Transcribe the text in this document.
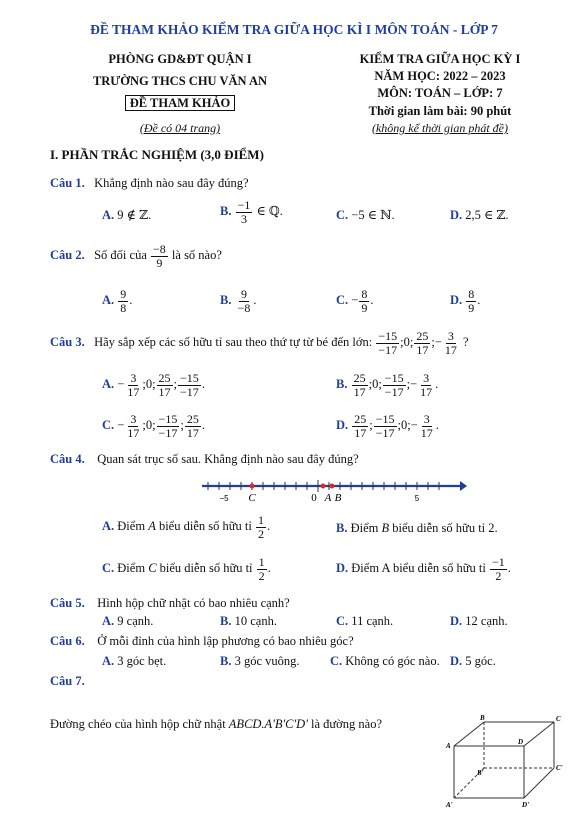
ĐỀ THAM KHẢO KIỂM TRA GIỮA HỌC KÌ I MÔN TOÁN - LỚP 7
PHÒNG GD&ĐT QUẬN I
TRƯỜNG THCS CHU VĂN AN
ĐỀ THAM KHẢO
(Đề có 04 trang)
KIỂM TRA GIỮA HỌC KỲ I
NĂM HỌC: 2022 – 2023
MÔN: TOÁN – LỚP: 7
Thời gian làm bài: 90 phút
(không kể thời gian phát đề)
I. PHẦN TRẮC NGHIỆM (3,0 ĐIỂM)
Câu 1. Khẳng định nào sau đây đúng?
A. 9 ∉ ℤ.	B. $\frac{-1}{3}$ ∈ ℚ.	C. −5 ∈ ℕ.	D. 2,5 ∈ ℤ.
Câu 2. Số đối của $\frac{-8}{9}$ là số nào?
A. $\frac{9}{8}$ .	B. $\frac{9}{-8}$ .	C. − $\frac{8}{9}$ .	D. $\frac{8}{9}$ .
Câu 3. Hãy sắp xếp các số hữu tỉ sau theo thứ tự từ bé đến lớn: $\frac{-15}{-17}$ ;0; $\frac{25}{17}$ ;− $\frac{3}{17}$ ?
A. − $\frac{3}{17}$ ;0; $\frac{25}{17}$ ; $\frac{-15}{-17}$ .	B. $\frac{25}{17}$ ;0; $\frac{-15}{-17}$ ;− $\frac{3}{17}$ .
C. − $\frac{3}{17}$ ;0; $\frac{-15}{-17}$ ; $\frac{25}{17}$ .	D. $\frac{25}{17}$ ; $\frac{-15}{-17}$ ;0;− $\frac{3}{17}$ .
Câu 4. Quan sát trục số sau. Khẳng định nào sau đây đúng?
−5 C	0 A B	5
A. Điểm A biểu diễn số hữu tỉ $\frac{1}{2}$ .	B. Điểm B biểu diễn số hữu tỉ 2.
C. Điểm C biểu diễn số hữu tỉ $\frac{1}{2}$ .	D. Điểm A biểu diễn số hữu tỉ $\frac{-1}{2}$ .
Câu 5. Hình hộp chữ nhật có bao nhiêu cạnh?
A. 9 cạnh.	B. 10 cạnh.	C. 11 cạnh.	D. 12 cạnh.
Câu 6. Ở mỗi đỉnh của hình lập phương có bao nhiêu góc?
A. 3 góc bẹt.	B. 3 góc vuông. C. Không có góc nào. D. 5 góc.
Câu 7.
Đường chéo của hình hộp chữ nhật ABCD.A'B'C'D' là đường nào?	B	C
A	D
B'
C'
A'	D'
